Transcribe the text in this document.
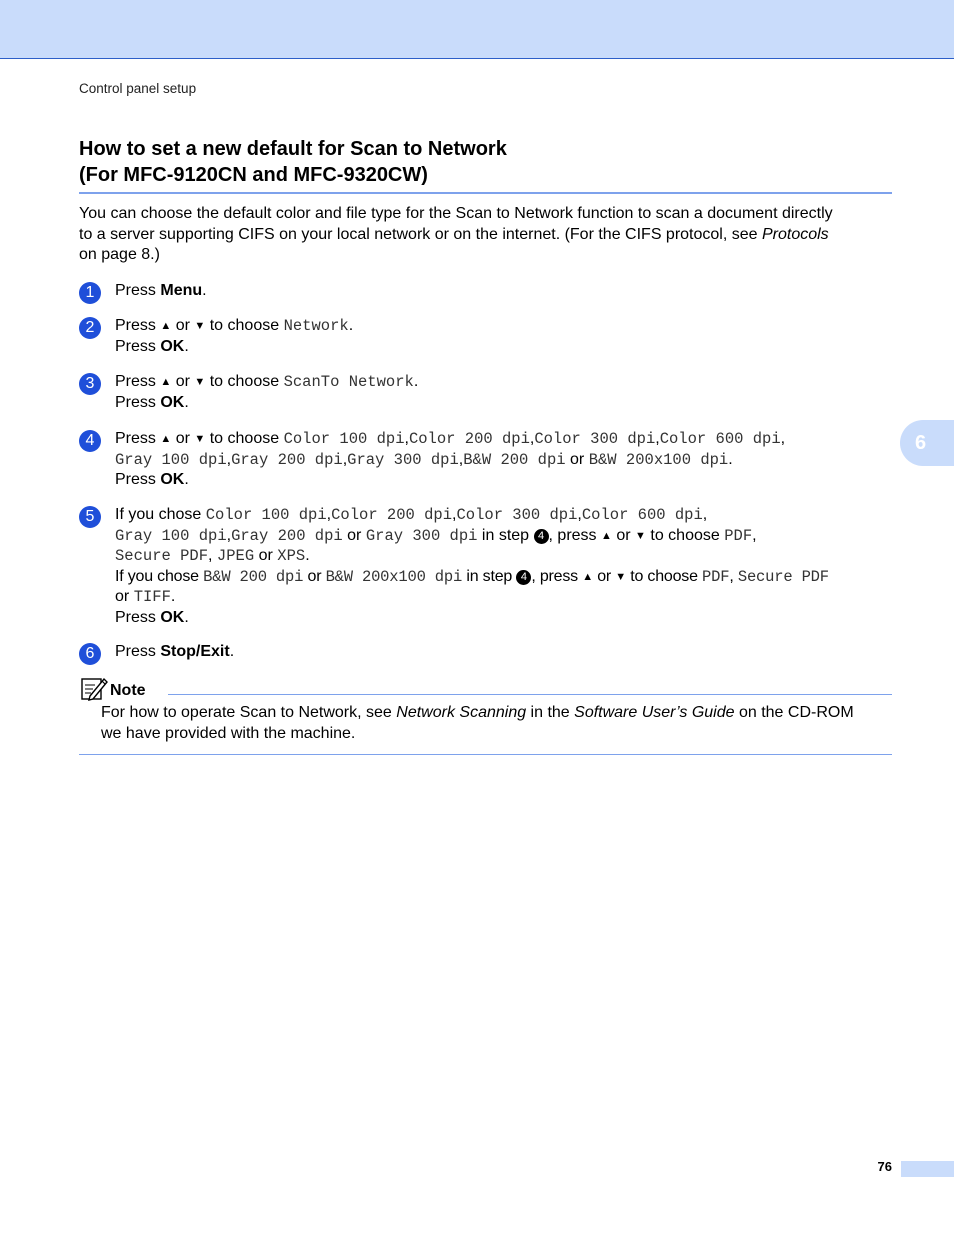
Control panel setup
How to set a new default for Scan to Network
(For MFC-9120CN and MFC-9320CW)
You can choose the default color and file type for the Scan to Network function to scan a document directly
to a server supporting CIFS on your local network or on the internet. (For the CIFS protocol, see Protocols
on page 8.)
1	Press Menu.
2	Press ▲ or ▼ to choose Network.
Press OK.
3	Press ▲ or ▼ to choose ScanTo Network.
Press OK.
4	Press ▲ or ▼ to choose Color 100 dpi,Color 200 dpi,Color 300 dpi,Color 600 dpi,
Gray 100 dpi,Gray 200 dpi,Gray 300 dpi,B&W 200 dpi or B&W 200x100 dpi.
Press OK.
5	If you chose Color 100 dpi,Color 200 dpi,Color 300 dpi,Color 600 dpi,
Gray 100 dpi,Gray 200 dpi or Gray 300 dpi in step 4 , press ▲ or ▼ to choose PDF,
Secure PDF, JPEG or XPS.
If you chose B&W 200 dpi or B&W 200x100 dpi in step 4 , press ▲ or ▼ to choose PDF, Secure PDF
or TIFF.
Press OK.
6	Press Stop/Exit.
Note
For how to operate Scan to Network, see Network Scanning in the Software User’s Guide on the CD-ROM
we have provided with the machine.
6
76
